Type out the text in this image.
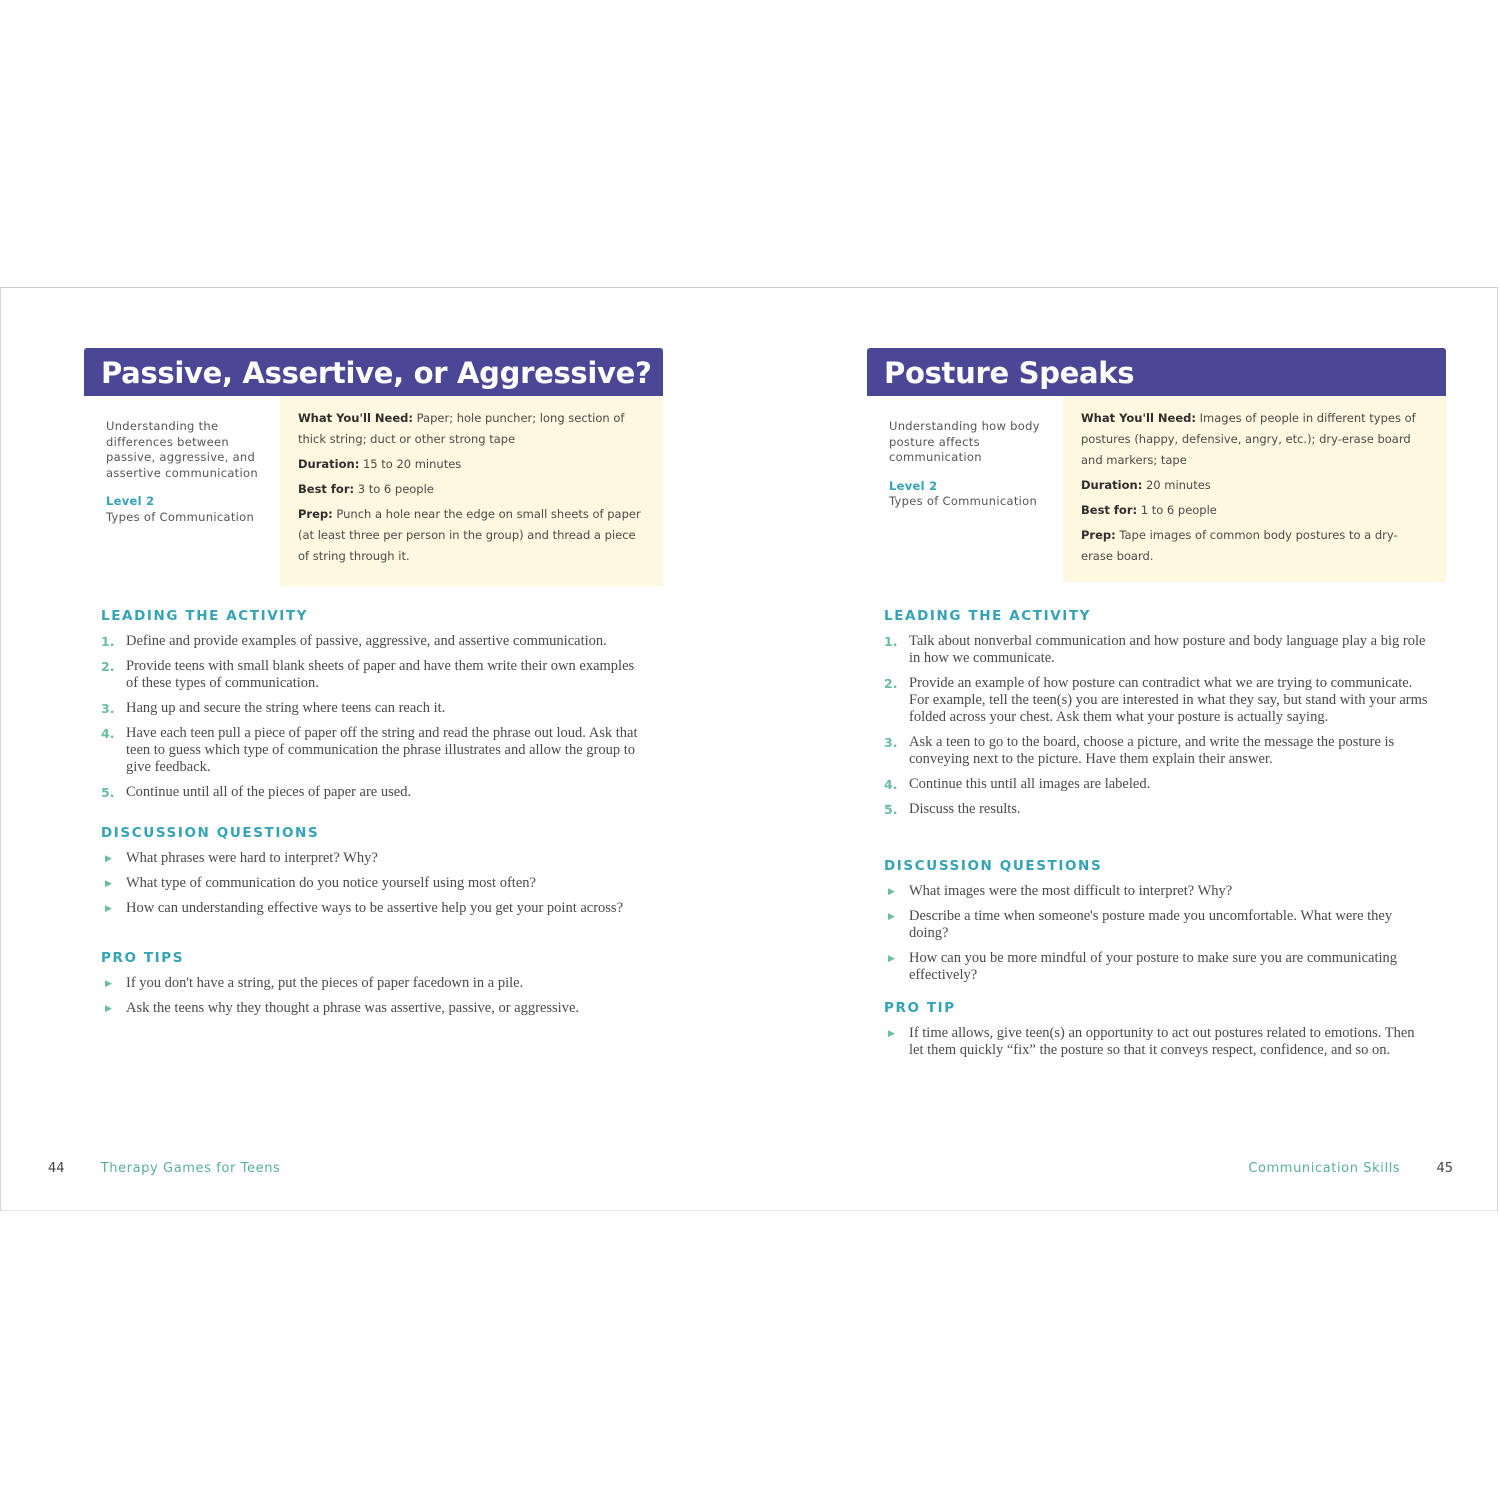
Passive, Assertive, or Aggressive?
Understanding the differences between passive, aggressive, and assertive communication
Level 2
Types of Communication

What You'll Need: Paper; hole puncher; long section of thick string; duct or other strong tape

Duration: 15 to 20 minutes

Best for: 3 to 6 people

Prep: Punch a hole near the edge on small sheets of paper (at least three per person in the group) and thread a piece of string through it.

LEADING THE ACTIVITY
1. Define and provide examples of passive, aggressive, and assertive communication.
2. Provide teens with small blank sheets of paper and have them write their own examples of these types of communication.
3. Hang up and secure the string where teens can reach it.
4. Have each teen pull a piece of paper off the string and read the phrase out loud. Ask that teen to guess which type of communication the phrase illustrates and allow the group to give feedback.
5. Continue until all of the pieces of paper are used.
DISCUSSION QUESTIONS
▶ What phrases were hard to interpret? Why?
▶ What type of communication do you notice yourself using most often?
▶ How can understanding effective ways to be assertive help you get your point across?
PRO TIPS
▶ If you don't have a string, put the pieces of paper facedown in a pile.
▶ Ask the teens why they thought a phrase was assertive, passive, or aggressive.
44	Therapy Games for Teens
Posture Speaks
Understanding how body posture affects communication
Level 2
Types of Communication

What You'll Need: Images of people in different types of postures (happy, defensive, angry, etc.); dry-erase board and markers; tape

Duration: 20 minutes

Best for: 1 to 6 people

Prep: Tape images of common body postures to a dry-erase board.

LEADING THE ACTIVITY
1. Talk about nonverbal communication and how posture and body language play a big role in how we communicate.
2. Provide an example of how posture can contradict what we are trying to communicate. For example, tell the teen(s) you are interested in what they say, but stand with your arms folded across your chest. Ask them what your posture is actually saying.
3. Ask a teen to go to the board, choose a picture, and write the message the posture is conveying next to the picture. Have them explain their answer.
4. Continue this until all images are labeled.
5. Discuss the results.
DISCUSSION QUESTIONS
▶ What images were the most difficult to interpret? Why?
▶ Describe a time when someone's posture made you uncomfortable. What were they doing?
▶ How can you be more mindful of your posture to make sure you are communicating effectively?
PRO TIP
▶ If time allows, give teen(s) an opportunity to act out postures related to emotions. Then let them quickly “fix” the posture so that it conveys respect, confidence, and so on.
Communication Skills	45
